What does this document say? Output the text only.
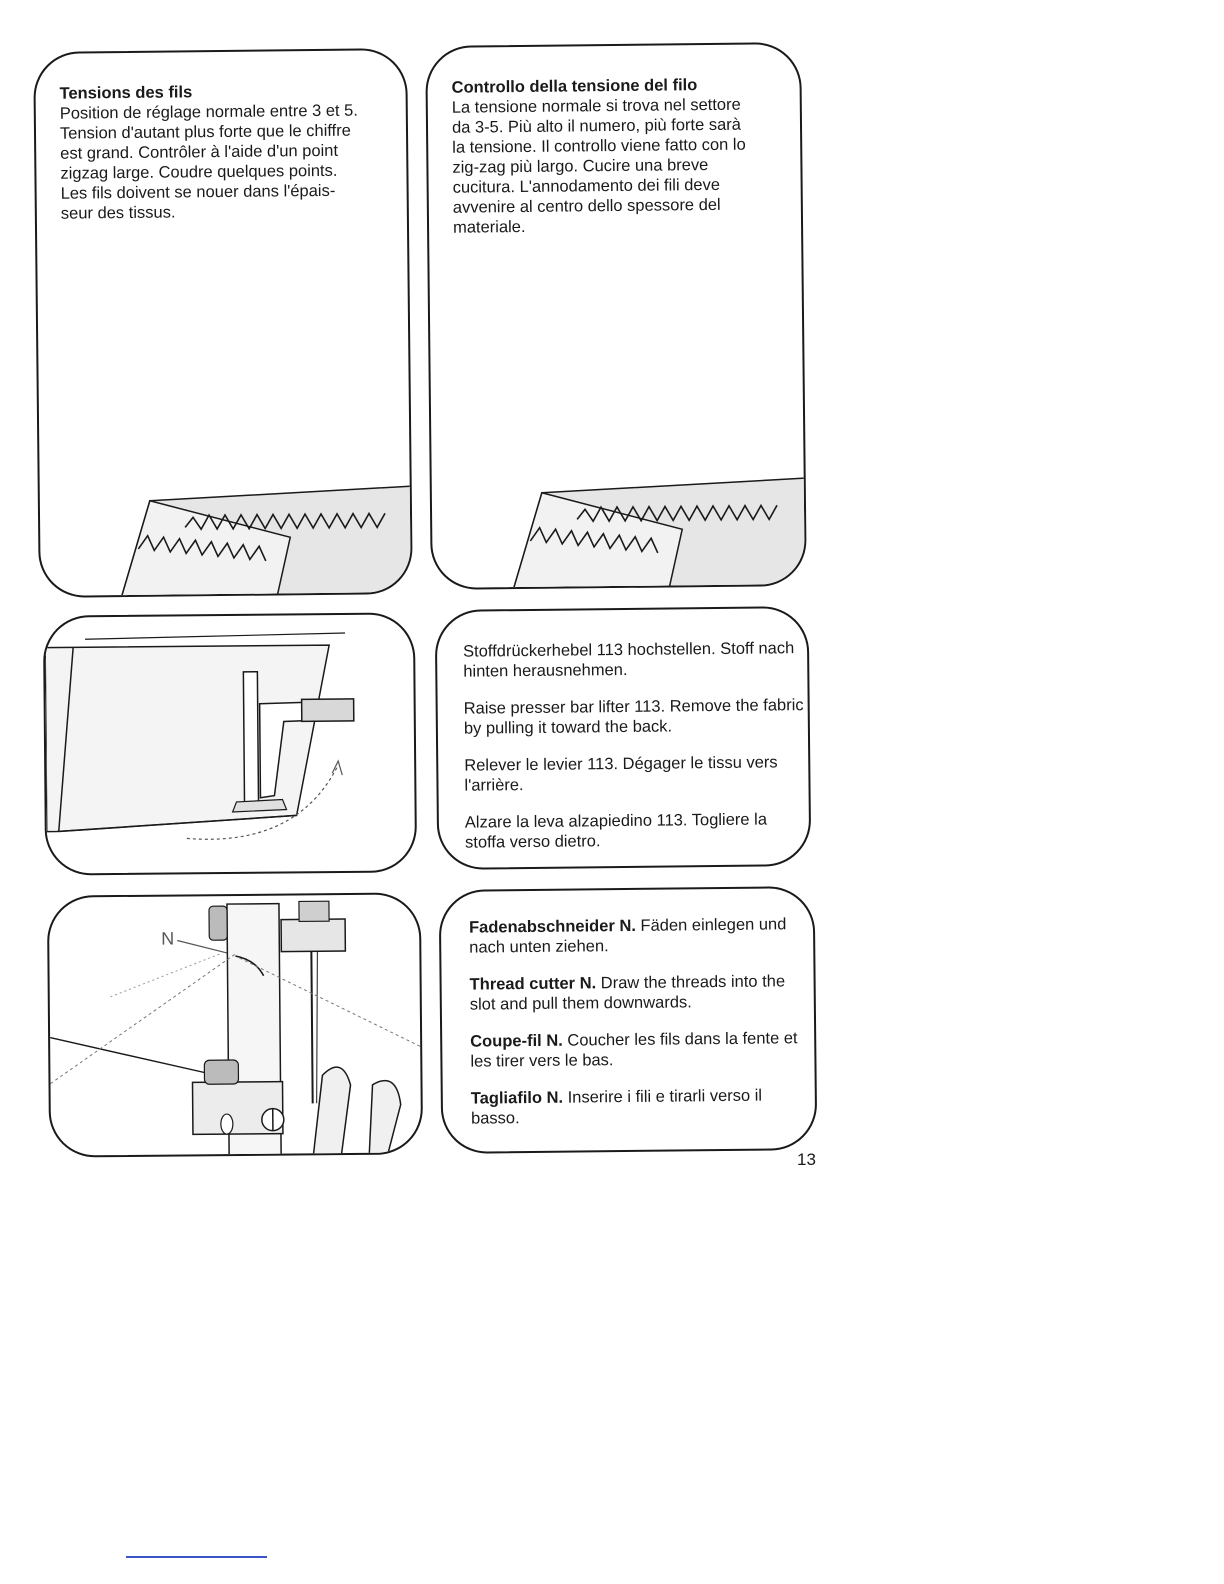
Tensions des fils

Position de réglage normale entre 3 et 5.
Tension d'autant plus forte que le chiffre
est grand. Contrôler à l'aide d'un point
zigzag large. Coudre quelques points.
Les fils doivent se nouer dans l'épais-
seur des tissus.

Controllo della tensione del filo

La tensione normale si trova nel settore
da 3-5. Più alto il numero, più forte sarà
la tensione. Il controllo viene fatto con lo
zig-zag più largo. Cucire una breve
cucitura. L'annodamento dei fili deve
avvenire al centro dello spessore del
materiale.

Stoffdrückerhebel 113 hochstellen. Stoff nach hinten herausnehmen.

Raise presser bar lifter 113. Remove the fabric by pulling it toward the back.

Relever le levier 113. Dégager le tissu vers l'arrière.

Alzare la leva alzapiedino 113. Togliere la stoffa verso dietro.

N

Fadenabschneider N. Fäden einlegen und nach unten ziehen.

Thread cutter N. Draw the threads into the slot and pull them downwards.

Coupe-fil N. Coucher les fils dans la fente et les tirer vers le bas.

Tagliafilo N. Inserire i fili e tirarli verso il basso.

13
